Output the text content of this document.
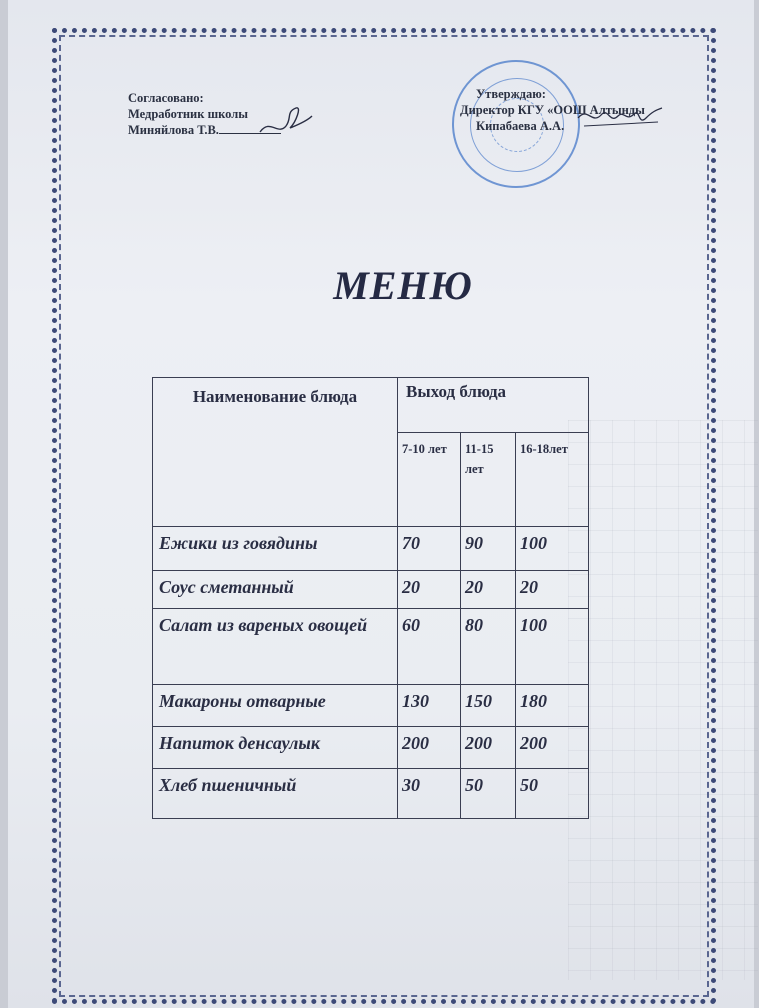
Согласовано:
Медработник школы
Миняйлова Т.В.
Утверждаю:
Директор КГУ «ООШ Алтынды
Кипабаева А.А.
МЕНЮ
Наименование блюда	Выход блюда		
	7-10 лет	11-15 лет	16-18лет
Ежики из говядины	70	90	100
Соус сметанный	20	20	20
Салат из вареных овощей	60	80	100
Макароны отварные	130	150	180
Напиток денсаулык	200	200	200
Хлеб пшеничный	30	50	50
